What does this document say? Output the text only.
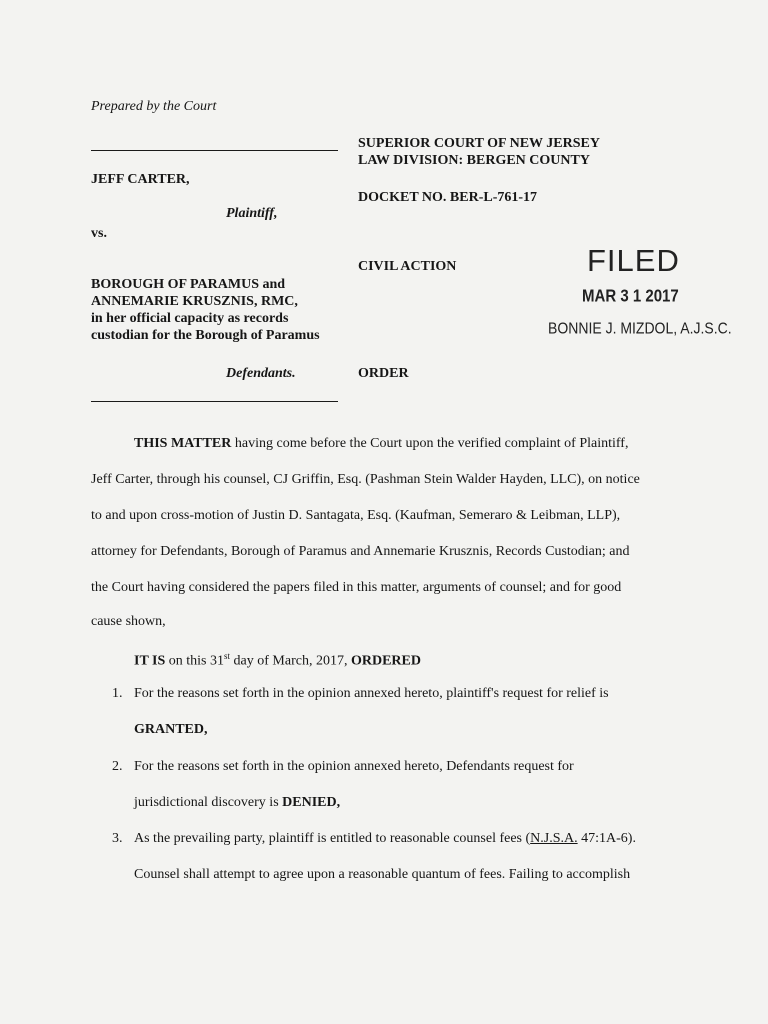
Prepared by the Court
SUPERIOR COURT OF NEW JERSEY
LAW DIVISION: BERGEN COUNTY
JEFF CARTER,
DOCKET NO. BER-L-761-17
Plaintiff,
vs.
BOROUGH OF PARAMUS and
ANNEMARIE KRUSZNIS, RMC,
in her official capacity as records
custodian for the Borough of Paramus
CIVIL ACTION	FILED
MAR 3 1 2017
BONNIE J. MIZDOL, A.J.S.C.
Defendants.	ORDER
THIS MATTER having come before the Court upon the verified complaint of Plaintiff,
Jeff Carter, through his counsel, CJ Griffin, Esq. (Pashman Stein Walder Hayden, LLC), on notice
to and upon cross-motion of Justin D. Santagata, Esq. (Kaufman, Semeraro & Leibman, LLP),
attorney for Defendants, Borough of Paramus and Annemarie Krusznis, Records Custodian; and
the Court having considered the papers filed in this matter, arguments of counsel; and for good
cause shown,
IT IS on this 31st day of March, 2017, ORDERED
1. For the reasons set forth in the opinion annexed hereto, plaintiff's request for relief is
GRANTED,
2. For the reasons set forth in the opinion annexed hereto, Defendants request for
jurisdictional discovery is DENIED,
3. As the prevailing party, plaintiff is entitled to reasonable counsel fees (N.J.S.A. 47:1A-6).
Counsel shall attempt to agree upon a reasonable quantum of fees. Failing to accomplish
